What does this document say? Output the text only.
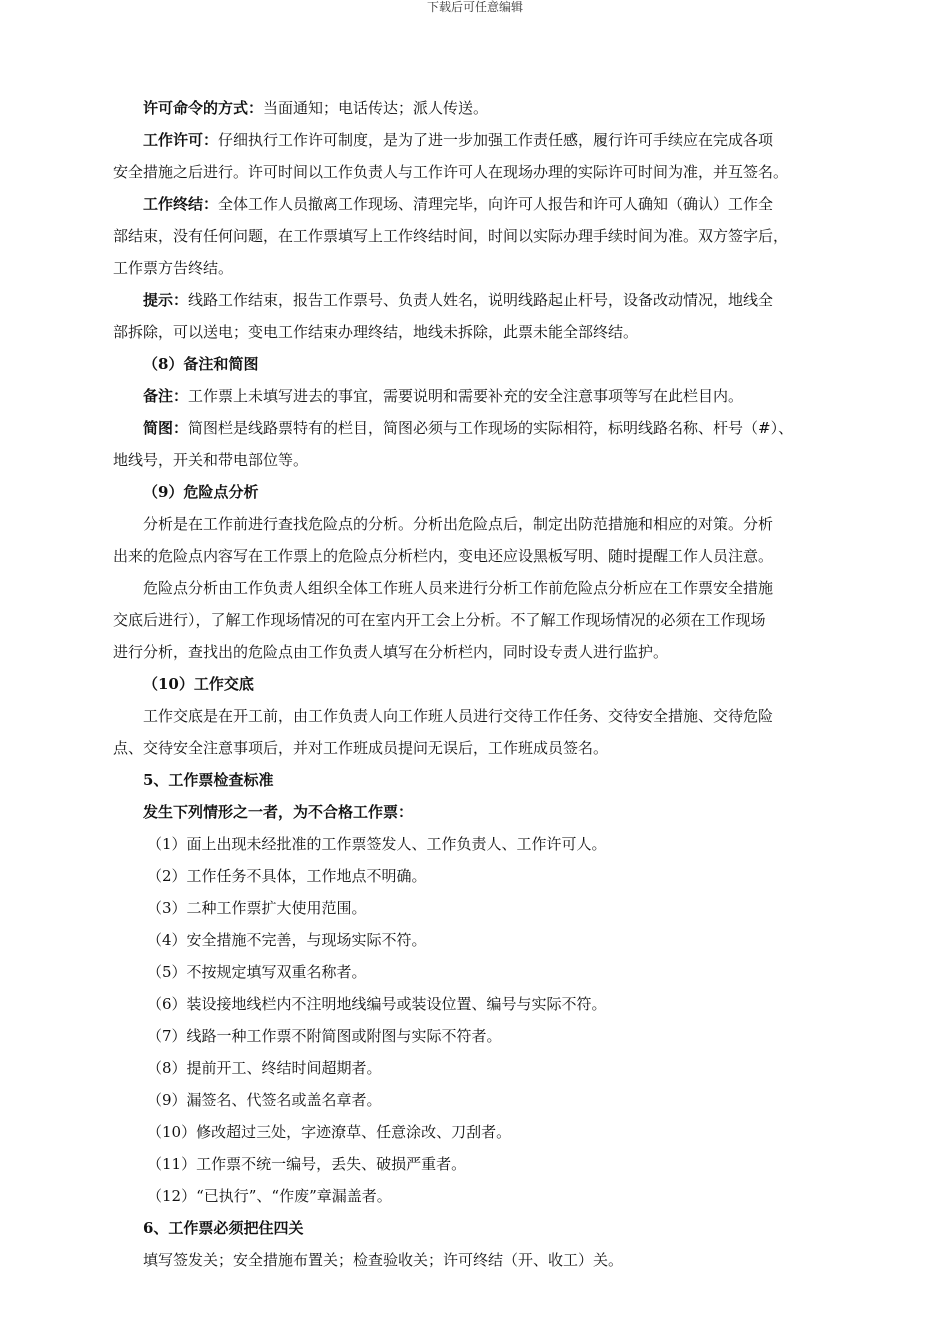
下载后可任意编辑

许可命令的方式：当面通知；电话传达；派人传送。

工作许可：仔细执行工作许可制度，是为了进一步加强工作责任感，履行许可手续应在完成各项

安全措施之后进行。许可时间以工作负责人与工作许可人在现场办理的实际许可时间为准，并互签名。

工作终结：全体工作人员撤离工作现场、清理完毕，向许可人报告和许可人确知（确认）工作全

部结束，没有任何问题，在工作票填写上工作终结时间，时间以实际办理手续时间为准。双方签字后，

工作票方告终结。

提示：线路工作结束，报告工作票号、负责人姓名，说明线路起止杆号，设备改动情况，地线全

部拆除，可以送电；变电工作结束办理终结，地线未拆除，此票未能全部终结。

（8）备注和简图

备注：工作票上未填写进去的事宜，需要说明和需要补充的安全注意事项等写在此栏目内。

简图：简图栏是线路票特有的栏目，简图必须与工作现场的实际相符，标明线路名称、杆号（#）、

地线号，开关和带电部位等。

（9）危险点分析

分析是在工作前进行查找危险点的分析。分析出危险点后，制定出防范措施和相应的对策。分析

出来的危险点内容写在工作票上的危险点分析栏内，变电还应设黑板写明、随时提醒工作人员注意。

危险点分析由工作负责人组织全体工作班人员来进行分析工作前危险点分析应在工作票安全措施

交底后进行），了解工作现场情况的可在室内开工会上分析。不了解工作现场情况的必须在工作现场

进行分析，查找出的危险点由工作负责人填写在分析栏内，同时设专责人进行监护。

（10）工作交底

工作交底是在开工前，由工作负责人向工作班人员进行交待工作任务、交待安全措施、交待危险

点、交待安全注意事项后，并对工作班成员提问无误后，工作班成员签名。

5、工作票检查标准

发生下列情形之一者，为不合格工作票：

（1）面上出现未经批准的工作票签发人、工作负责人、工作许可人。

（2）工作任务不具体，工作地点不明确。

（3）二种工作票扩大使用范围。

（4）安全措施不完善，与现场实际不符。

（5）不按规定填写双重名称者。

（6）装设接地线栏内不注明地线编号或装设位置、编号与实际不符。

（7）线路一种工作票不附简图或附图与实际不符者。

（8）提前开工、终结时间超期者。

（9）漏签名、代签名或盖名章者。

（10）修改超过三处，字迹潦草、任意涂改、刀刮者。

（11）工作票不统一编号，丢失、破损严重者。

（12）“已执行”、“作废”章漏盖者。

6、工作票必须把住四关

填写签发关；安全措施布置关；检查验收关；许可终结（开、收工）关。
